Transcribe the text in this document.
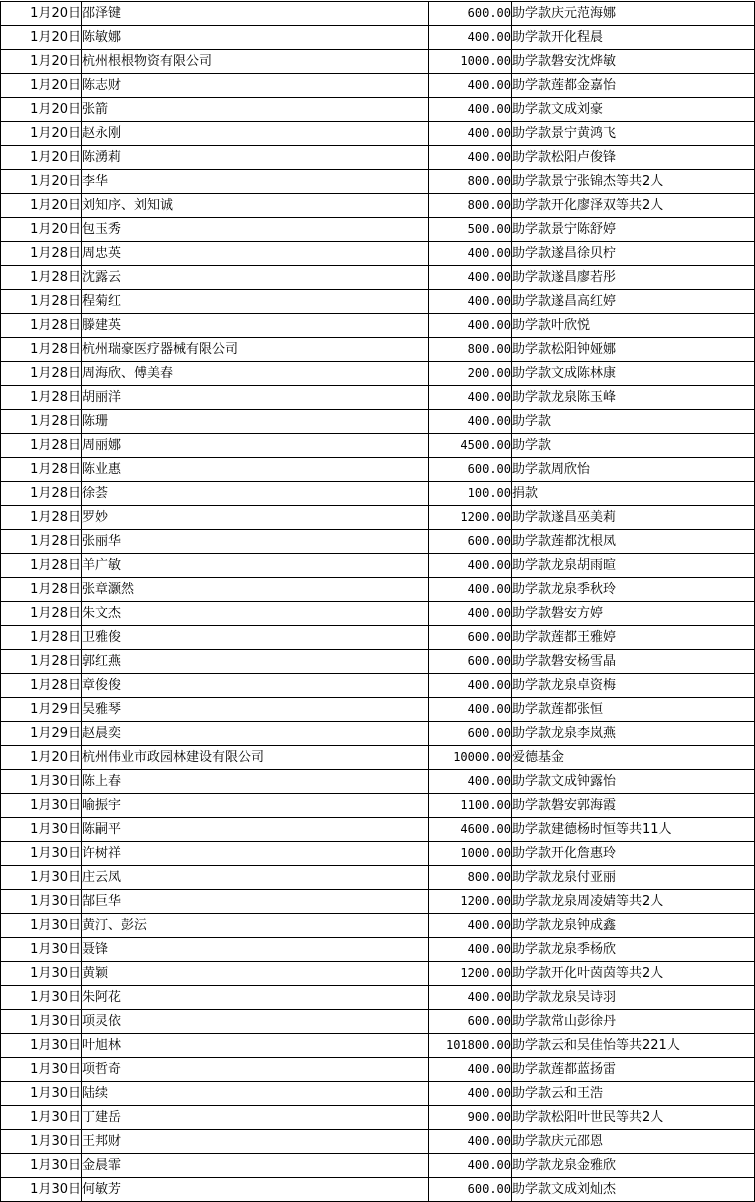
1月20日	邵泽键	600.00	助学款庆元范海娜
1月20日	陈敏娜	400.00	助学款开化程晨
1月20日	杭州根根物资有限公司	1000.00	助学款磐安沈烨敏
1月20日	陈志财	400.00	助学款莲都金嘉怡
1月20日	张箭	400.00	助学款文成刘豪
1月20日	赵永刚	400.00	助学款景宁黄鸿飞
1月20日	陈湧莉	400.00	助学款松阳卢俊锋
1月20日	李华	800.00	助学款景宁张锦杰等共2人
1月20日	刘知序、刘知诚	800.00	助学款开化廖泽双等共2人
1月20日	包玉秀	500.00	助学款景宁陈舒婷
1月28日	周忠英	400.00	助学款遂昌徐贝柠
1月28日	沈露云	400.00	助学款遂昌廖若彤
1月28日	程菊红	400.00	助学款遂昌高红婷
1月28日	滕建英	400.00	助学款叶欣悦
1月28日	杭州瑞豪医疗器械有限公司	800.00	助学款松阳钟娅娜
1月28日	周海欣、傅美春	200.00	助学款文成陈林康
1月28日	胡丽洋	400.00	助学款龙泉陈玉峰
1月28日	陈珊	400.00	助学款
1月28日	周丽娜	4500.00	助学款
1月28日	陈业惠	600.00	助学款周欣怡
1月28日	徐荟	100.00	捐款
1月28日	罗妙	1200.00	助学款遂昌巫美莉
1月28日	张丽华	600.00	助学款莲都沈根凤
1月28日	羊广敏	400.00	助学款龙泉胡雨暄
1月28日	张章灏然	400.00	助学款龙泉季秋玲
1月28日	朱文杰	400.00	助学款磐安方婷
1月28日	卫雅俊	600.00	助学款莲都王雅婷
1月28日	郭红燕	600.00	助学款磐安杨雪晶
1月28日	章俊俊	400.00	助学款龙泉卓资梅
1月29日	吴雅琴	400.00	助学款莲都张恒
1月29日	赵晨奕	600.00	助学款龙泉李岚燕
1月20日	杭州伟业市政园林建设有限公司	10000.00	爱德基金
1月30日	陈上春	400.00	助学款文成钟露怡
1月30日	喻振宇	1100.00	助学款磐安郭海霞
1月30日	陈嗣平	4600.00	助学款建德杨时恒等共11人
1月30日	许树祥	1000.00	助学款开化詹惠玲
1月30日	庄云凤	800.00	助学款龙泉付亚丽
1月30日	郜巨华	1200.00	助学款龙泉周凌婧等共2人
1月30日	黄汀、彭沄	400.00	助学款龙泉钟成鑫
1月30日	聂锋	400.00	助学款龙泉季杨欣
1月30日	黄颖	1200.00	助学款开化叶茵茵等共2人
1月30日	朱阿花	400.00	助学款龙泉吴诗羽
1月30日	项灵依	600.00	助学款常山彭徐丹
1月30日	叶旭林	101800.00	助学款云和吴佳怡等共221人
1月30日	项哲奇	400.00	助学款莲都蓝扬雷
1月30日	陆续	400.00	助学款云和王浩
1月30日	丁建岳	900.00	助学款松阳叶世民等共2人
1月30日	王邦财	400.00	助学款庆元邵恩
1月30日	金晨霏	400.00	助学款龙泉金雅欣
1月30日	何敏芳	600.00	助学款文成刘灿杰
